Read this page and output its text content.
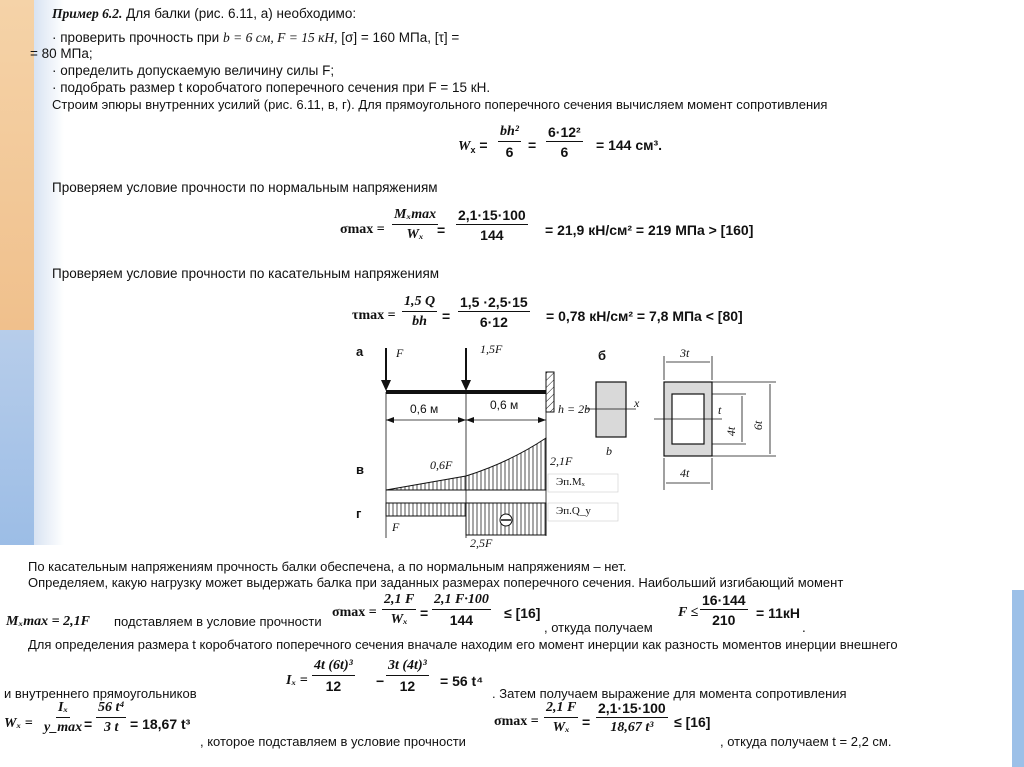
Пример 6.2. Для балки (рис. 6.11, а) необходимо:
· проверить прочность при b = 6 см, F = 15 кН, [σ] = 160 МПа, [τ] =
= 80 МПа;
· определить допускаемую величину силы F;
· подобрать размер t коробчатого поперечного сечения при F = 15 кН.
Строим эпюры внутренних усилий (рис. 6.11, в, г). Для прямоугольного поперечного сечения вычисляем момент сопротивления
$W_x = \frac{\text{bh²}}{6} = \frac{\text{6·12²}}{6} = 144$ см³.
Проверяем условие прочности по нормальным напряжениям
σmax =
Mₓmax
$W_x = \frac{2,1\cdot 15\cdot 100}{144} = 21,9$ кН/см² = 219 МПа > [160]
Проверяем условие прочности по касательным напряжениям
$\tau\max = \frac{1,5 Q}{bh} = \frac{1,5 \cdot 2,5\cdot 15}{6\cdot 12} = 0,78$ кН/см² = 7,8 МПа < [80]
а	б
в
г
F	1,5F
0,6 м	0,6 м	h = 2b	x
b
3t
4t
4t
6t
t
0,6F	2,1F
Эп.Mₓ
F
2,5F
Эп.Q_y
По касательным напряжениям прочность балки обеспечена, а по нормальным напряжениям – нет.
Определяем, какую нагрузку может выдержать балка при заданных размерах поперечного сечения. Наибольший изгибающий момент
Mₓmax = 2,1F подставляем в условие прочности
$\sigma\max = \frac{2,1 F}{\text{Wₓ}} = \frac{2,1 F\cdot 100}{144} \le [16]$
, откуда получаем
$F \le \frac{16\cdot 144}{210} = 11кН$
.
Для определения размера t коробчатого поперечного сечения вначале находим его момент инерции как разность моментов инерции внешнего
и внутреннего прямоугольников
$I_x = \frac{\text{4t (6t)³}}{12} - \frac{\text{3t (4t)³}}{12} = 56$ t⁴
. Затем получаем выражение для момента сопротивления
Wₓ =
Iₓ
y_max = $\frac{\text{56 t⁴}}{3 t} = 18,67$ t³
, которое подставляем в условие прочности
$\sigma\max = \frac{2,1 F}{\text{Wₓ}} = \frac{2,1\cdot 15\cdot 100}{\text{18,67 t³}} \le [16]$
, откуда получаем t = 2,2 см.
